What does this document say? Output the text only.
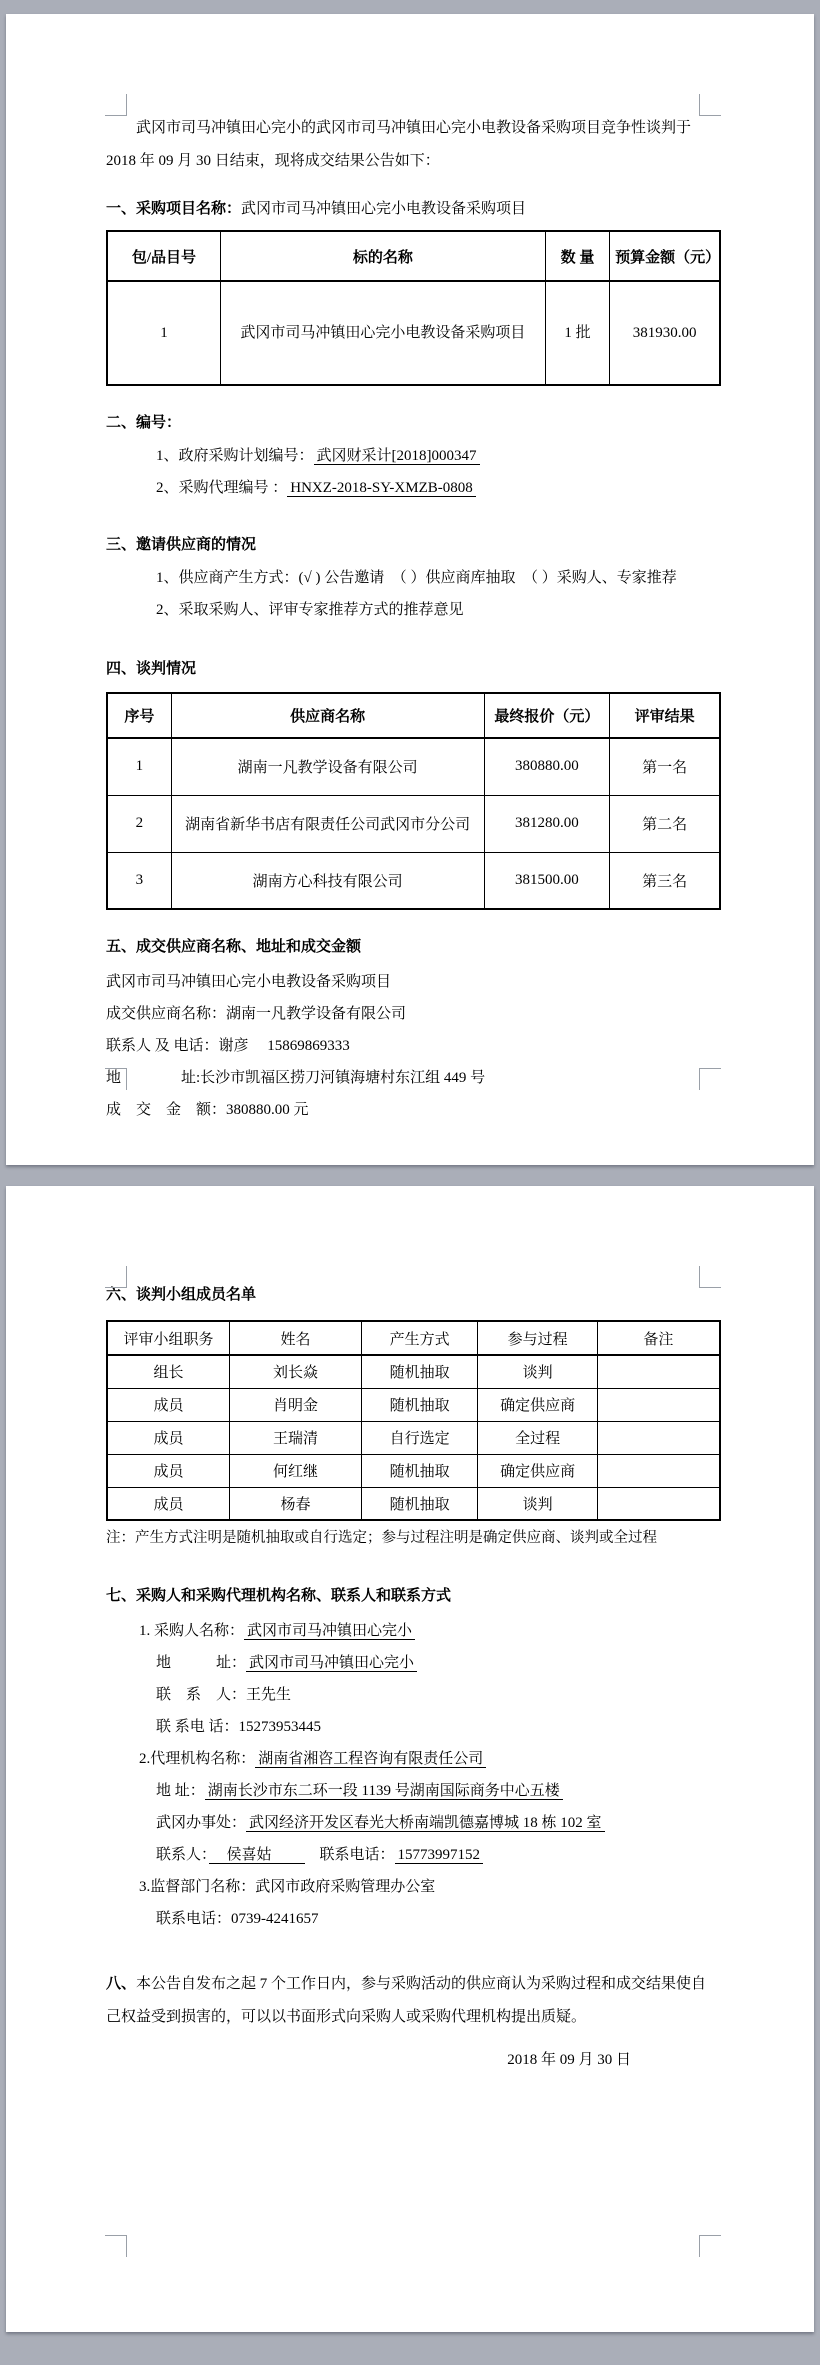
武冈市司马冲镇田心完小的武冈市司马冲镇田心完小电教设备采购项目竞争性谈判于 2018 年 09 月 30 日结束，现将成交结果公告如下：

一、采购项目名称：武冈市司马冲镇田心完小电教设备采购项目

包/品目号	标的名称	数 量	预算金额（元）
1	武冈市司马冲镇田心完小电教设备采购项目	1 批	381930.00

二、编号：

1、政府采购计划编号： 武冈财采计[2018]000347

2、采购代理编号 ： HNXZ-2018-SY-XMZB-0808

三、邀请供应商的情况

1、供应商产生方式：(√ ) 公告邀请　（ ）供应商库抽取　（ ）采购人、专家推荐

2、采取采购人、评审专家推荐方式的推荐意见

四、谈判情况

序号	供应商名称	最终报价（元）	评审结果
1	湖南一凡教学设备有限公司	380880.00	第一名
2	湖南省新华书店有限责任公司武冈市分公司	381280.00	第二名
3	湖南方心科技有限公司	381500.00	第三名

五、成交供应商名称、地址和成交金额

武冈市司马冲镇田心完小电教设备采购项目

成交供应商名称：湖南一凡教学设备有限公司

联系人 及 电话：谢彦　 15869869333

地　　　　址:长沙市凯福区捞刀河镇海塘村东江组 449 号

成　交　金　额：380880.00 元

六、谈判小组成员名单

评审小组职务	姓名	产生方式	参与过程	备注
组长	刘长焱	随机抽取	谈判	
成员	肖明金	随机抽取	确定供应商	
成员	王瑞清	自行选定	全过程	
成员	何红继	随机抽取	确定供应商	
成员	杨春	随机抽取	谈判	

注：产生方式注明是随机抽取或自行选定；参与过程注明是确定供应商、谈判或全过程

七、采购人和采购代理机构名称、联系人和联系方式

1. 采购人名称： 武冈市司马冲镇田心完小

地　　　址： 武冈市司马冲镇田心完小

联　系　人：王先生

联 系电 话：15273953445

2.代理机构名称： 湖南省湘咨工程咨询有限责任公司

地 址： 湖南长沙市东二环一段 1139 号湖南国际商务中心五楼

武冈办事处： 武冈经济开发区春光大桥南端凯德嘉博城 18 栋 102 室

联系人：　侯喜姑　　　联系电话： 15773997152

3.监督部门名称：武冈市政府采购管理办公室

联系电话：0739-4241657

八、本公告自发布之起 7 个工作日内，参与采购活动的供应商认为采购过程和成交结果使自己权益受到损害的，可以以书面形式向采购人或采购代理机构提出质疑。

2018 年 09 月 30 日
